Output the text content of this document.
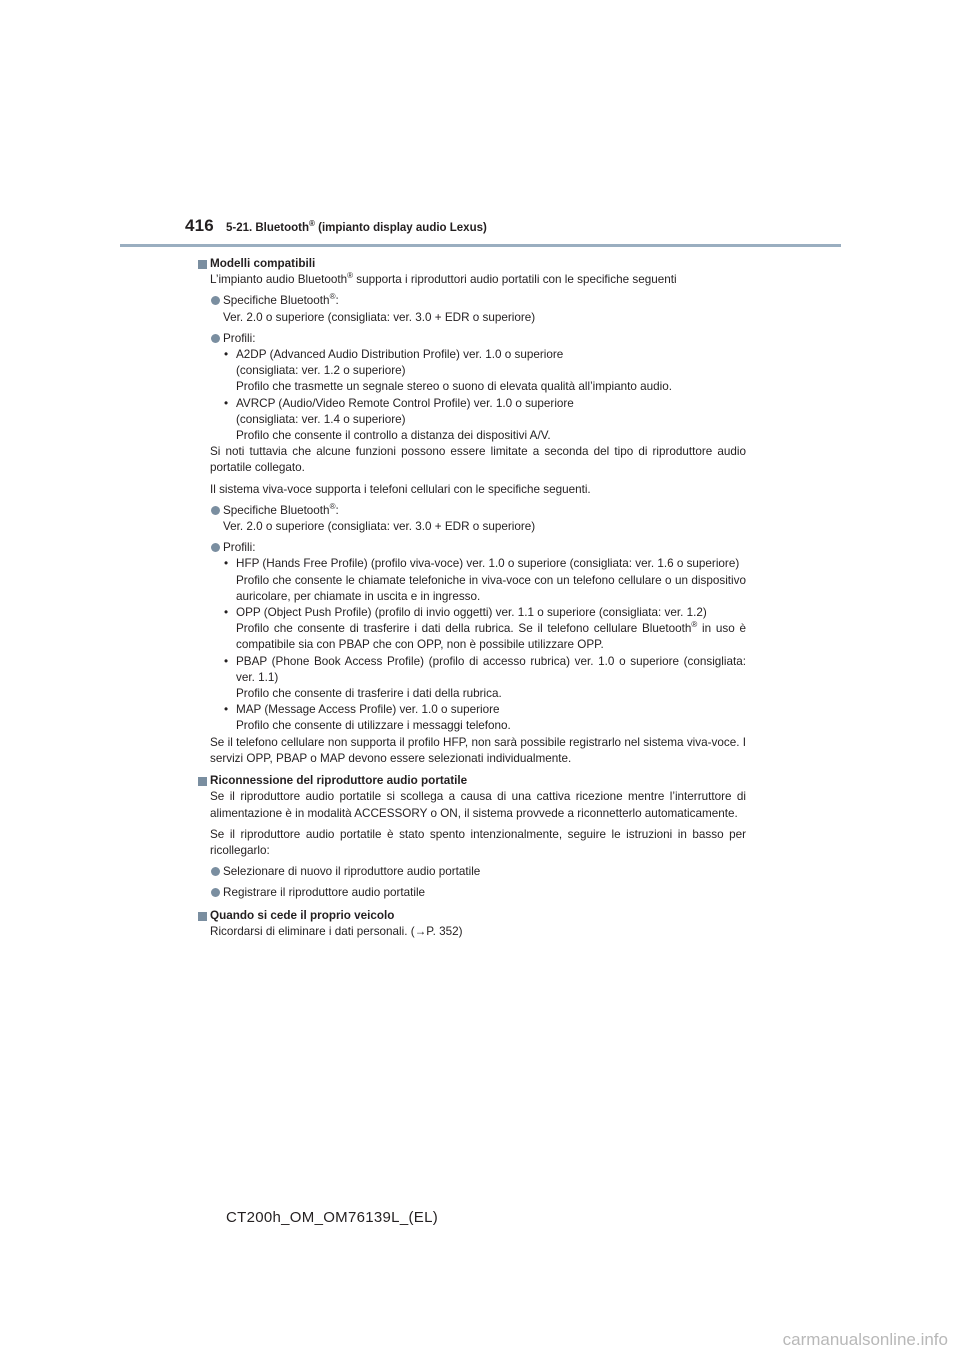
416 5-21. Bluetooth® (impianto display audio Lexus)
Modelli compatibili

L’impianto audio Bluetooth® supporta i riproduttori audio portatili con le specifiche seguenti

Specifiche Bluetooth®:
Ver. 2.0 o superiore (consigliata: ver. 3.0 + EDR o superiore)
Profili:
• A2DP (Advanced Audio Distribution Profile) ver. 1.0 o superiore
(consigliata: ver. 1.2 o superiore)
Profilo che trasmette un segnale stereo o suono di elevata qualità all’impianto audio.
• AVRCP (Audio/Video Remote Control Profile) ver. 1.0 o superiore
(consigliata: ver. 1.4 o superiore)
Profilo che consente il controllo a distanza dei dispositivi A/V.

Si noti tuttavia che alcune funzioni possono essere limitate a seconda del tipo di riproduttore audio portatile collegato.

Il sistema viva-voce supporta i telefoni cellulari con le specifiche seguenti.

Specifiche Bluetooth®:
Ver. 2.0 o superiore (consigliata: ver. 3.0 + EDR o superiore)
Profili:
• HFP (Hands Free Profile) (profilo viva-voce) ver. 1.0 o superiore (consigliata: ver. 1.6 o superiore)
Profilo che consente le chiamate telefoniche in viva-voce con un telefono cellulare o un dispositivo auricolare, per chiamate in uscita e in ingresso.
• OPP (Object Push Profile) (profilo di invio oggetti) ver. 1.1 o superiore (consigliata: ver. 1.2)
Profilo che consente di trasferire i dati della rubrica. Se il telefono cellulare Bluetooth® in uso è compatibile sia con PBAP che con OPP, non è possibile utilizzare OPP.
• PBAP (Phone Book Access Profile) (profilo di accesso rubrica) ver. 1.0 o superiore (consigliata: ver. 1.1)
Profilo che consente di trasferire i dati della rubrica.
• MAP (Message Access Profile) ver. 1.0 o superiore
Profilo che consente di utilizzare i messaggi telefono.

Se il telefono cellulare non supporta il profilo HFP, non sarà possibile registrarlo nel sistema viva-voce. I servizi OPP, PBAP o MAP devono essere selezionati individualmente.

Riconnessione del riproduttore audio portatile

Se il riproduttore audio portatile si scollega a causa di una cattiva ricezione mentre l’interruttore di alimentazione è in modalità ACCESSORY o ON, il sistema provvede a riconnetterlo automaticamente.

Se il riproduttore audio portatile è stato spento intenzionalmente, seguire le istruzioni in basso per ricollegarlo:

Selezionare di nuovo il riproduttore audio portatile
Registrare il riproduttore audio portatile
Quando si cede il proprio veicolo

Ricordarsi di eliminare i dati personali. (→P. 352)

CT200h_OM_OM76139L_(EL)
carmanualsonline.info
